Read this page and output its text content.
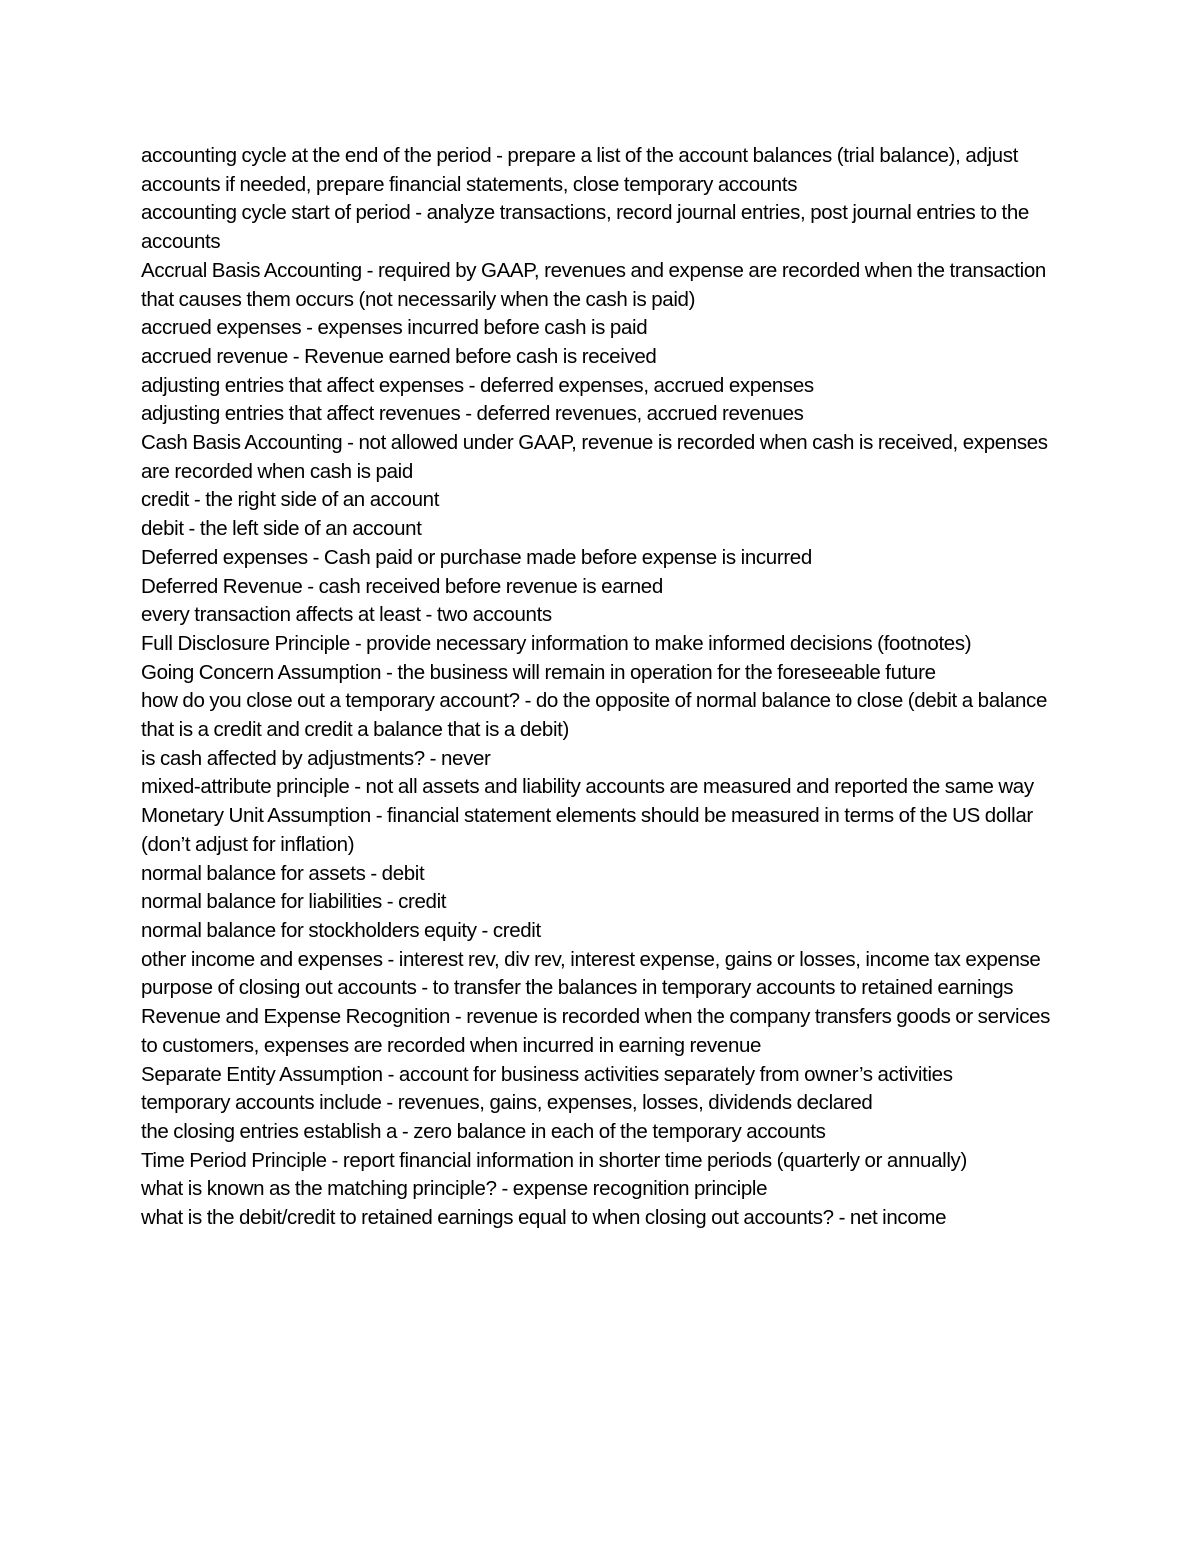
accounting cycle at the end of the period - prepare a list of the account balances (trial balance), adjust accounts if needed, prepare financial statements, close temporary accounts

accounting cycle start of period - analyze transactions, record journal entries, post journal entries to the accounts

Accrual Basis Accounting - required by GAAP, revenues and expense are recorded when the transaction that causes them occurs (not necessarily when the cash is paid)

accrued expenses - expenses incurred before cash is paid

accrued revenue - Revenue earned before cash is received

adjusting entries that affect expenses - deferred expenses, accrued expenses

adjusting entries that affect revenues - deferred revenues, accrued revenues

Cash Basis Accounting - not allowed under GAAP, revenue is recorded when cash is received, expenses are recorded when cash is paid

credit - the right side of an account

debit - the left side of an account

Deferred expenses - Cash paid or purchase made before expense is incurred

Deferred Revenue - cash received before revenue is earned

every transaction affects at least - two accounts

Full Disclosure Principle - provide necessary information to make informed decisions (footnotes)

Going Concern Assumption - the business will remain in operation for the foreseeable future

how do you close out a temporary account? - do the opposite of normal balance to close (debit a balance that is a credit and credit a balance that is a debit)

is cash affected by adjustments? - never

mixed-attribute principle - not all assets and liability accounts are measured and reported the same way

Monetary Unit Assumption - financial statement elements should be measured in terms of the US dollar (don’t adjust for inflation)

normal balance for assets - debit

normal balance for liabilities - credit

normal balance for stockholders equity - credit

other income and expenses - interest rev, div rev, interest expense, gains or losses, income tax expense

purpose of closing out accounts - to transfer the balances in temporary accounts to retained earnings

Revenue and Expense Recognition - revenue is recorded when the company transfers goods or services to customers, expenses are recorded when incurred in earning revenue

Separate Entity Assumption - account for business activities separately from owner’s activities

temporary accounts include - revenues, gains, expenses, losses, dividends declared

the closing entries establish a - zero balance in each of the temporary accounts

Time Period Principle - report financial information in shorter time periods (quarterly or annually)

what is known as the matching principle? - expense recognition principle

what is the debit/credit to retained earnings equal to when closing out accounts? - net income
